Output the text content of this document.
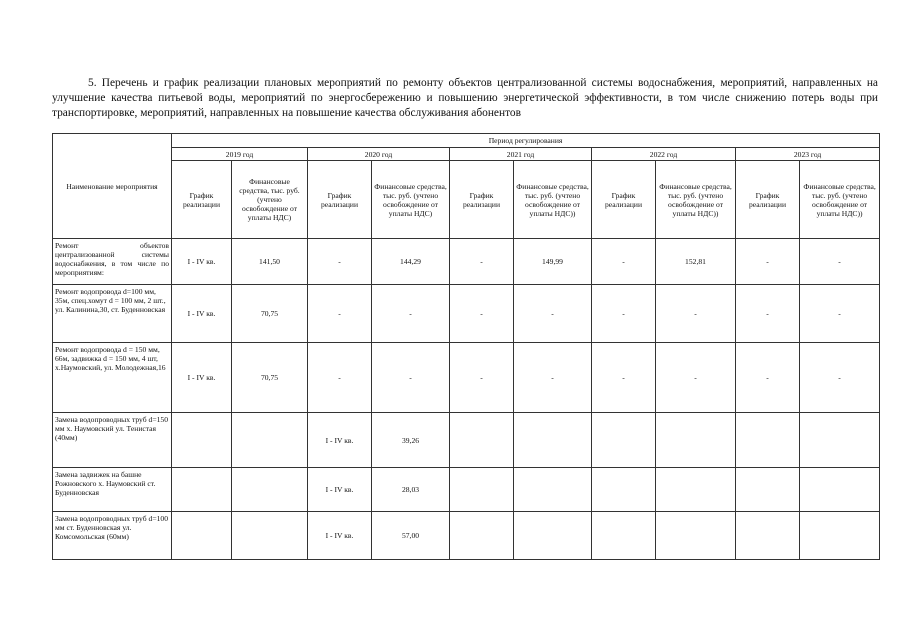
5. Перечень и график реализации плановых мероприятий по ремонту объектов централизованной системы водоснабжения, мероприятий, направленных на улучшение качества питьевой воды, мероприятий по энергосбережению и повышению энергетической эффективности, в том числе снижению потерь воды при транспортировке, мероприятий, направленных на повышение качества обслуживания абонентов
Наименование мероприятия	Период регулирования									
	2019 год		2020 год		2021 год		2022 год		2023 год	
	График реализации	Финансовые средства, тыс. руб. (учтено освобождение от уплаты НДС)	График реализации	Финансовые средства, тыс. руб. (учтено освобождение от уплаты НДС)	График реализации	Финансовые средства, тыс. руб. (учтено освобождение от уплаты НДС))	График реализации	Финансовые средства, тыс. руб. (учтено освобождение от уплаты НДС))	График реализации	Финансовые средства, тыс. руб. (учтено освобождение от уплаты НДС))
Ремонт объектов централизованной системы водоснабжения, в том числе по мероприятиям:	I - IV кв.	141,50	-	144,29	-	149,99	-	152,81	-	-
Ремонт водопровода d=100 мм, 35м, спец.хомут d = 100 мм, 2 шт., ул. Калинина,30, ст. Буденновская	I - IV кв.	70,75	-	-	-	-	-	-	-	-
Ремонт водопровода d = 150 мм, 66м, задвижка d = 150 мм, 4 шт, х.Наумовский, ул. Молодежная,16	I - IV кв.	70,75	-	-	-	-	-	-	-	-
Замена водопроводных труб d=150 мм х. Наумовский ул. Тенистая (40мм)			I - IV кв.	39,26						
Замена задвижек на башне Рожновского х. Наумовский ст. Буденновская			I - IV кв.	28,03						
Замена водопроводных труб d=100 мм ст. Буденновская ул. Комсомольская (60мм)			I - IV кв.	57,00						
